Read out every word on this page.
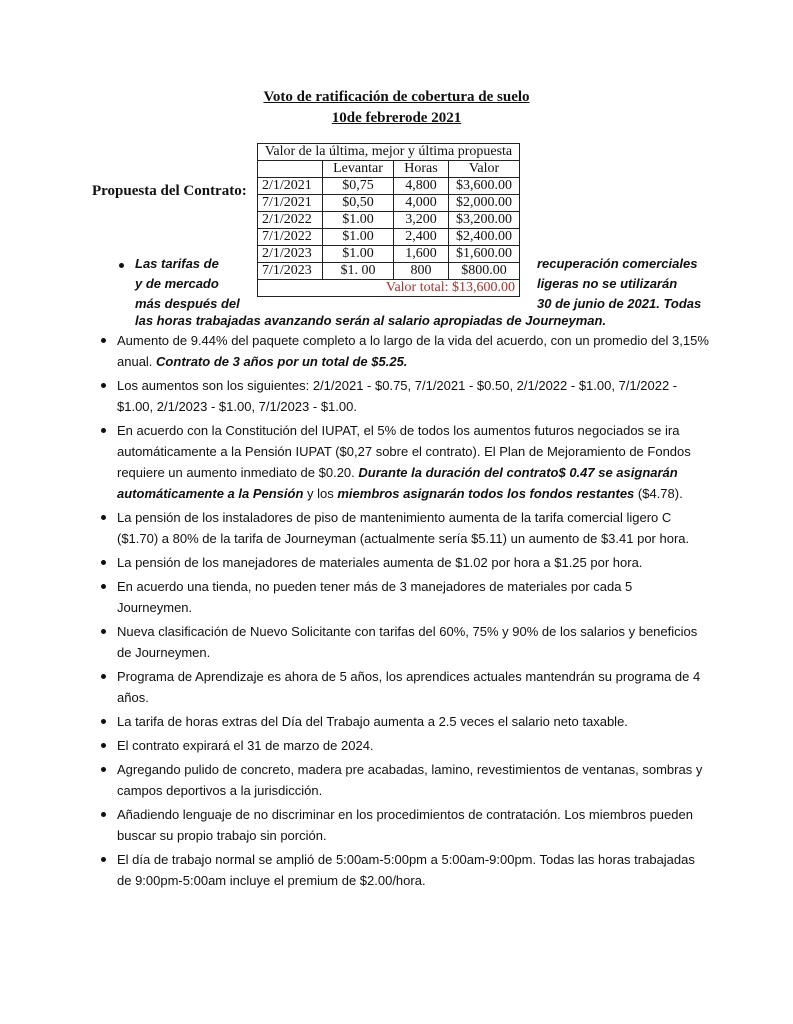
Voto de ratificación de cobertura de suelo
10de febrerode 2021
Propuesta del Contrato:
Valor de la última, mejor y última propuesta			
	Levantar	Horas	Valor
2/1/2021	$0,75	4,800	$3,600.00
7/1/2021	$0,50	4,000	$2,000.00
2/1/2022	$1.00	3,200	$3,200.00
7/1/2022	$1.00	2,400	$2,400.00
2/1/2023	$1.00	1,600	$1,600.00
7/1/2023	$1. 00	800	$800.00
Valor total: $13,600.00			
Las tarifas de
y de mercado
más después del
recuperación comerciales
ligeras no se utilizarán
30 de junio de 2021. Todas
las horas trabajadas avanzando serán al salario apropiadas de Journeyman.
Aumento de 9.44% del paquete completo a lo largo de la vida del acuerdo, con un promedio del 3,15% anual. Contrato de 3 años por un total de $5.25.
Los aumentos son los siguientes: 2/1/2021 - $0.75, 7/1/2021 - $0.50, 2/1/2022 - $1.00, 7/1/2022 - $1.00, 2/1/2023 - $1.00, 7/1/2023 - $1.00.
En acuerdo con la Constitución del IUPAT, el 5% de todos los aumentos futuros negociados se ira automáticamente a la Pensión IUPAT ($0,27 sobre el contrato). El Plan de Mejoramiento de Fondos requiere un aumento inmediato de $0.20. Durante la duración del contrato$ 0.47 se asignarán automáticamente a la Pensión y los miembros asignarán todos los fondos restantes ($4.78).
La pensión de los instaladores de piso de mantenimiento aumenta de la tarifa comercial ligero C ($1.70) a 80% de la tarifa de Journeyman (actualmente sería $5.11) un aumento de $3.41 por hora.
La pensión de los manejadores de materiales aumenta de $1.02 por hora a $1.25 por hora.
En acuerdo una tienda, no pueden tener más de 3 manejadores de materiales por cada 5 Journeymen.
Nueva clasificación de Nuevo Solicitante con tarifas del 60%, 75% y 90% de los salarios y beneficios de Journeymen.
Programa de Aprendizaje es ahora de 5 años, los aprendices actuales mantendrán su programa de 4 años.
La tarifa de horas extras del Día del Trabajo aumenta a 2.5 veces el salario neto taxable.
El contrato expirará el 31 de marzo de 2024.
Agregando pulido de concreto, madera pre acabadas, lamino, revestimientos de ventanas, sombras y campos deportivos a la jurisdicción.
Añadiendo lenguaje de no discriminar en los procedimientos de contratación. Los miembros pueden buscar su propio trabajo sin porción.
El día de trabajo normal se amplió de 5:00am-5:00pm a 5:00am-9:00pm. Todas las horas trabajadas de 9:00pm-5:00am incluye el premium de $2.00/hora.
